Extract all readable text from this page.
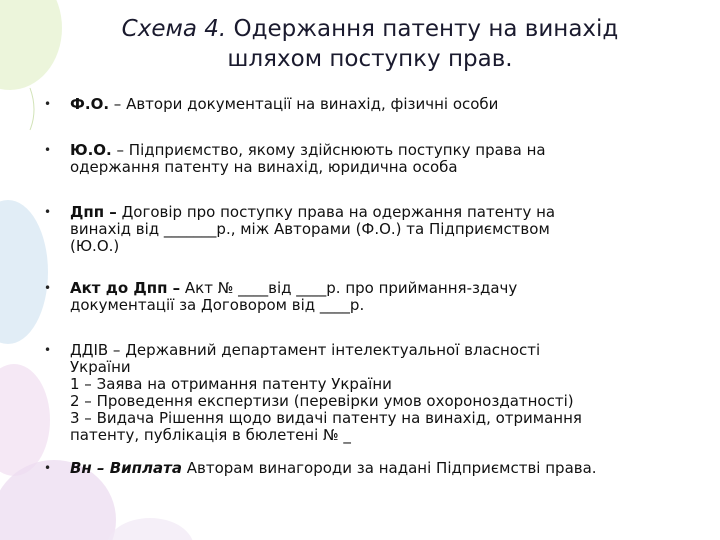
Схема 4. Одержання патенту на винахід
шляхом поступку прав.
• Ф.О. – Автори документації на винахід, фізичні особи
• Ю.О. – Підприємство, якому здійснюють поступку права на
одержання патенту на винахід, юридична особа
• Дпп – Договір про поступку права на одержання патенту на
винахід від _______р., між Авторами (Ф.О.) та Підприємством
(Ю.О.)
• Акт до Дпп – Акт № ____від ____р. про приймання-здачу
документації за Договором від ____р.
• ДДІВ – Державний департамент інтелектуальної власності
України
1 – Заява на отримання патенту України
2 – Проведення експертизи (перевірки умов охороноздатності)
3 – Видача Рішення щодо видачі патенту на винахід, отримання
патенту, публікація в бюлетені № _
• Вн – Виплата Авторам винагороди за надані Підприємстві права.
